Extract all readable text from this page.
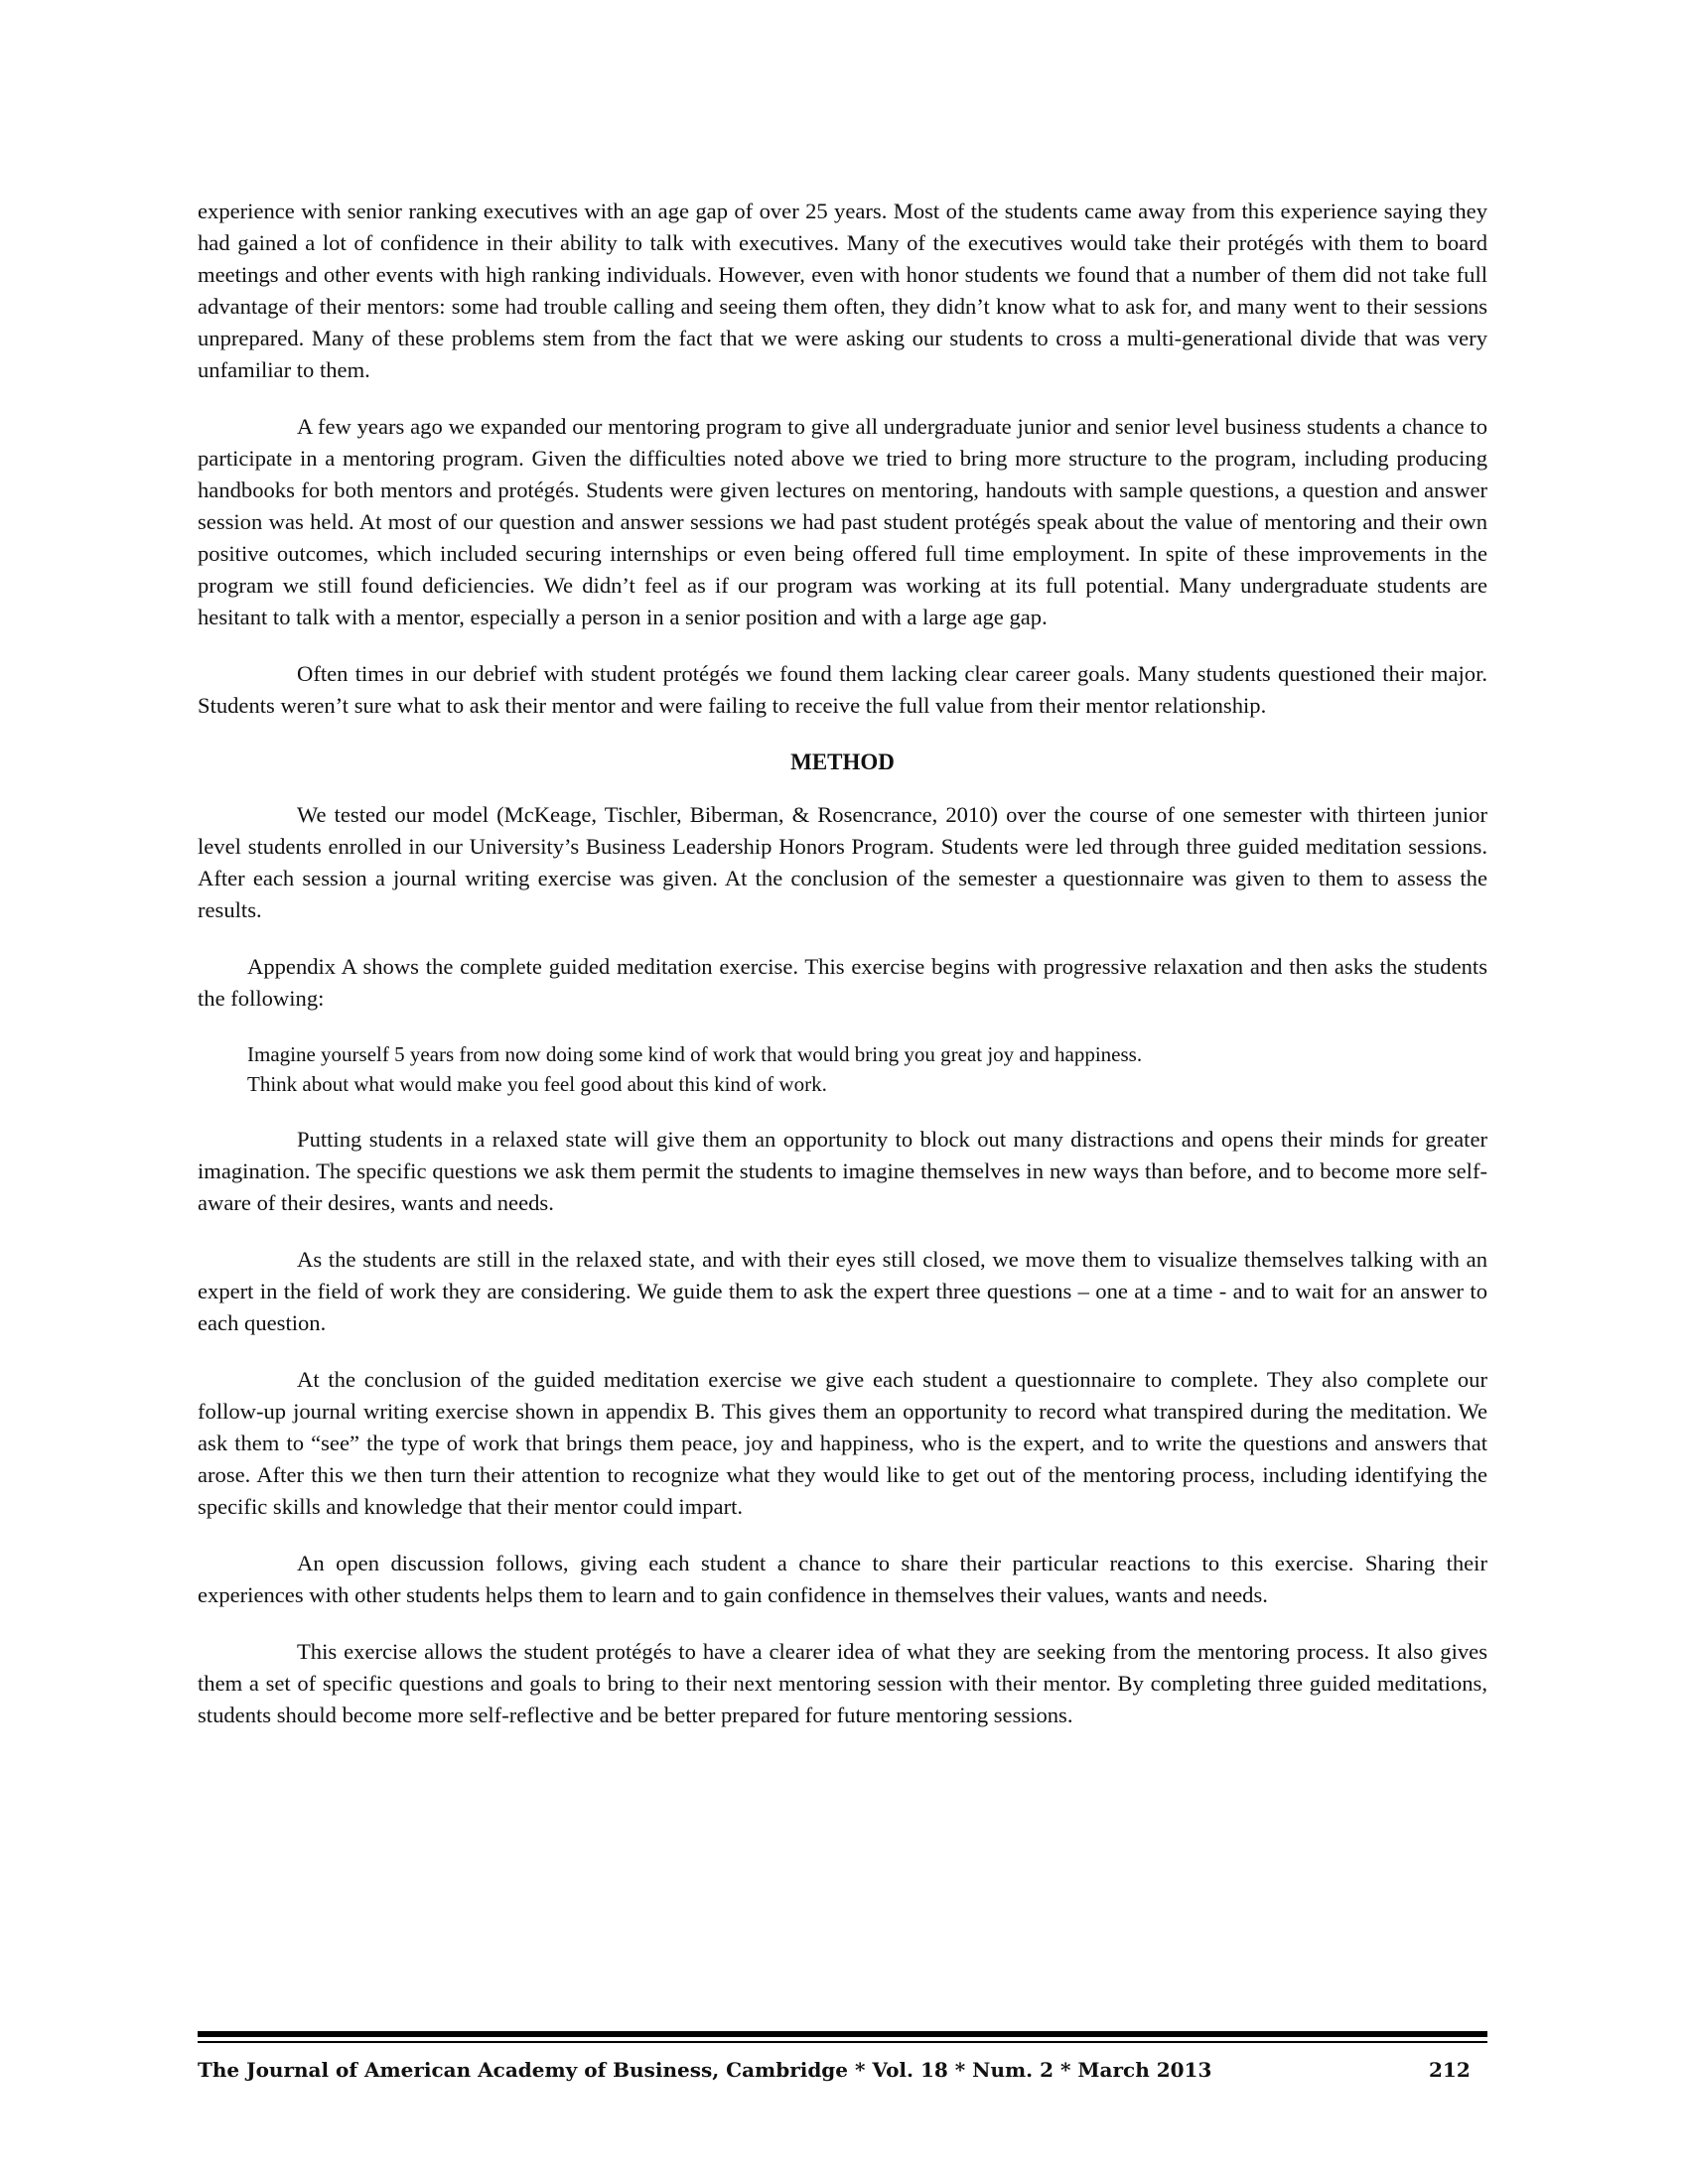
experience with senior ranking executives with an age gap of over 25 years. Most of the students came away from this experience saying they had gained a lot of confidence in their ability to talk with executives. Many of the executives would take their protégés with them to board meetings and other events with high ranking individuals. However, even with honor students we found that a number of them did not take full advantage of their mentors: some had trouble calling and seeing them often, they didn’t know what to ask for, and many went to their sessions unprepared. Many of these problems stem from the fact that we were asking our students to cross a multi-generational divide that was very unfamiliar to them.

A few years ago we expanded our mentoring program to give all undergraduate junior and senior level business students a chance to participate in a mentoring program. Given the difficulties noted above we tried to bring more structure to the program, including producing handbooks for both mentors and protégés. Students were given lectures on mentoring, handouts with sample questions, a question and answer session was held. At most of our question and answer sessions we had past student protégés speak about the value of mentoring and their own positive outcomes, which included securing internships or even being offered full time employment. In spite of these improvements in the program we still found deficiencies. We didn’t feel as if our program was working at its full potential. Many undergraduate students are hesitant to talk with a mentor, especially a person in a senior position and with a large age gap.

Often times in our debrief with student protégés we found them lacking clear career goals. Many students questioned their major. Students weren’t sure what to ask their mentor and were failing to receive the full value from their mentor relationship.

METHOD

We tested our model (McKeage, Tischler, Biberman, & Rosencrance, 2010) over the course of one semester with thirteen junior level students enrolled in our University’s Business Leadership Honors Program. Students were led through three guided meditation sessions. After each session a journal writing exercise was given. At the conclusion of the semester a questionnaire was given to them to assess the results.

Appendix A shows the complete guided meditation exercise. This exercise begins with progressive relaxation and then asks the students the following:

Imagine yourself 5 years from now doing some kind of work that would bring you great joy and happiness.
Think about what would make you feel good about this kind of work.

Putting students in a relaxed state will give them an opportunity to block out many distractions and opens their minds for greater imagination. The specific questions we ask them permit the students to imagine themselves in new ways than before, and to become more self-aware of their desires, wants and needs.

As the students are still in the relaxed state, and with their eyes still closed, we move them to visualize themselves talking with an expert in the field of work they are considering. We guide them to ask the expert three questions – one at a time - and to wait for an answer to each question.

At the conclusion of the guided meditation exercise we give each student a questionnaire to complete. They also complete our follow-up journal writing exercise shown in appendix B. This gives them an opportunity to record what transpired during the meditation. We ask them to “see” the type of work that brings them peace, joy and happiness, who is the expert, and to write the questions and answers that arose. After this we then turn their attention to recognize what they would like to get out of the mentoring process, including identifying the specific skills and knowledge that their mentor could impart.

An open discussion follows, giving each student a chance to share their particular reactions to this exercise. Sharing their experiences with other students helps them to learn and to gain confidence in themselves their values, wants and needs.

This exercise allows the student protégés to have a clearer idea of what they are seeking from the mentoring process. It also gives them a set of specific questions and goals to bring to their next mentoring session with their mentor. By completing three guided meditations, students should become more self-reflective and be better prepared for future mentoring sessions.

The Journal of American Academy of Business, Cambridge * Vol. 18 * Num. 2 * March 2013	212
